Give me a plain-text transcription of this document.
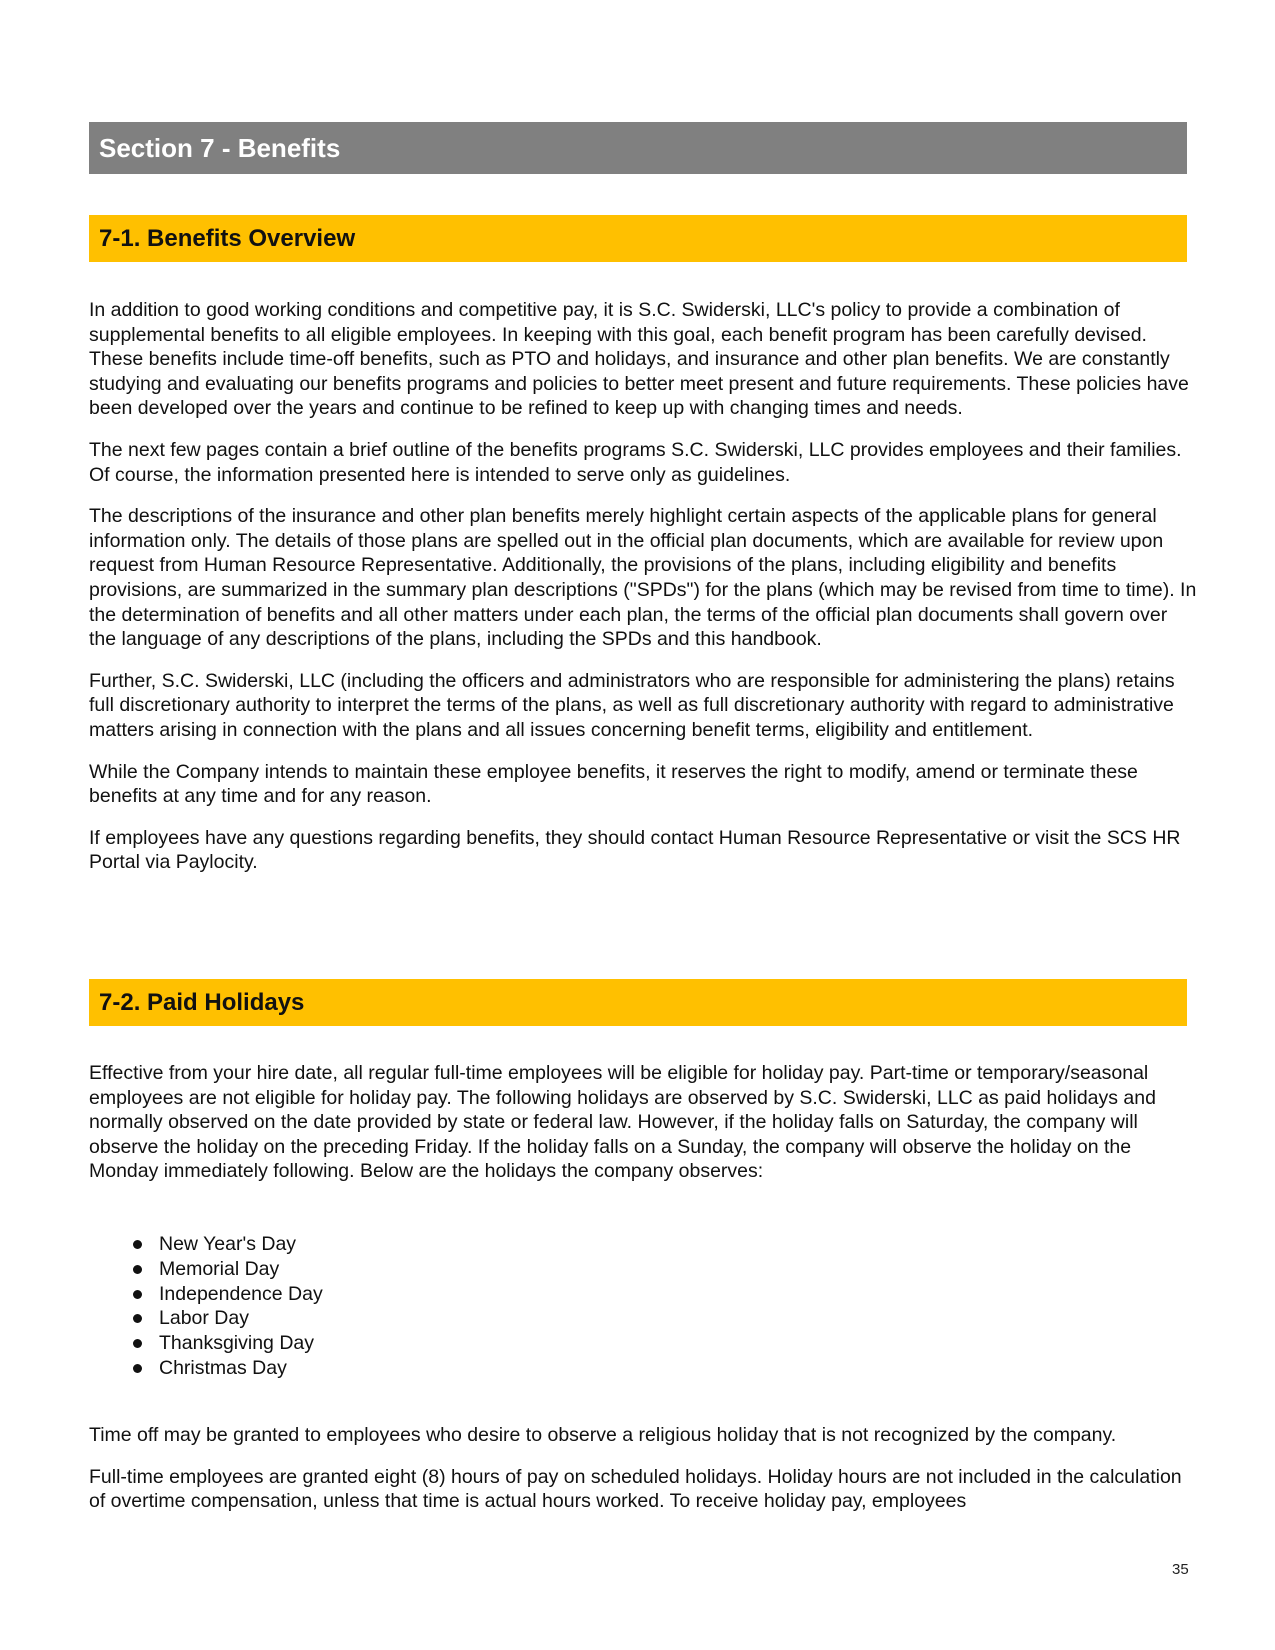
Section 7 - Benefits
7-1. Benefits Overview

In addition to good working conditions and competitive pay, it is S.C. Swiderski, LLC's policy to provide a combination of supplemental benefits to all eligible employees. In keeping with this goal, each benefit program has been carefully devised. These benefits include time-off benefits, such as PTO and holidays, and insurance and other plan benefits. We are constantly studying and evaluating our benefits programs and policies to better meet present and future requirements. These policies have been developed over the years and continue to be refined to keep up with changing times and needs.

The next few pages contain a brief outline of the benefits programs S.C. Swiderski, LLC provides employees and their families. Of course, the information presented here is intended to serve only as guidelines.

The descriptions of the insurance and other plan benefits merely highlight certain aspects of the applicable plans for general information only. The details of those plans are spelled out in the official plan documents, which are available for review upon request from Human Resource Representative. Additionally, the provisions of the plans, including eligibility and benefits provisions, are summarized in the summary plan descriptions ("SPDs") for the plans (which may be revised from time to time). In the determination of benefits and all other matters under each plan, the terms of the official plan documents shall govern over the language of any descriptions of the plans, including the SPDs and this handbook.

Further, S.C. Swiderski, LLC (including the officers and administrators who are responsible for administering the plans) retains full discretionary authority to interpret the terms of the plans, as well as full discretionary authority with regard to administrative matters arising in connection with the plans and all issues concerning benefit terms, eligibility and entitlement.

While the Company intends to maintain these employee benefits, it reserves the right to modify, amend or terminate these benefits at any time and for any reason.

If employees have any questions regarding benefits, they should contact Human Resource Representative or visit the SCS HR Portal via Paylocity.

7-2. Paid Holidays

Effective from your hire date, all regular full-time employees will be eligible for holiday pay. Part-time or temporary/seasonal employees are not eligible for holiday pay. The following holidays are observed by S.C. Swiderski, LLC as paid holidays and normally observed on the date provided by state or federal law. However, if the holiday falls on Saturday, the company will observe the holiday on the preceding Friday. If the holiday falls on a Sunday, the company will observe the holiday on the Monday immediately following. Below are the holidays the company observes:

New Year's Day
Memorial Day
Independence Day
Labor Day
Thanksgiving Day
Christmas Day

Time off may be granted to employees who desire to observe a religious holiday that is not recognized by the company.

Full-time employees are granted eight (8) hours of pay on scheduled holidays. Holiday hours are not included in the calculation of overtime compensation, unless that time is actual hours worked. To receive holiday pay, employees

35
